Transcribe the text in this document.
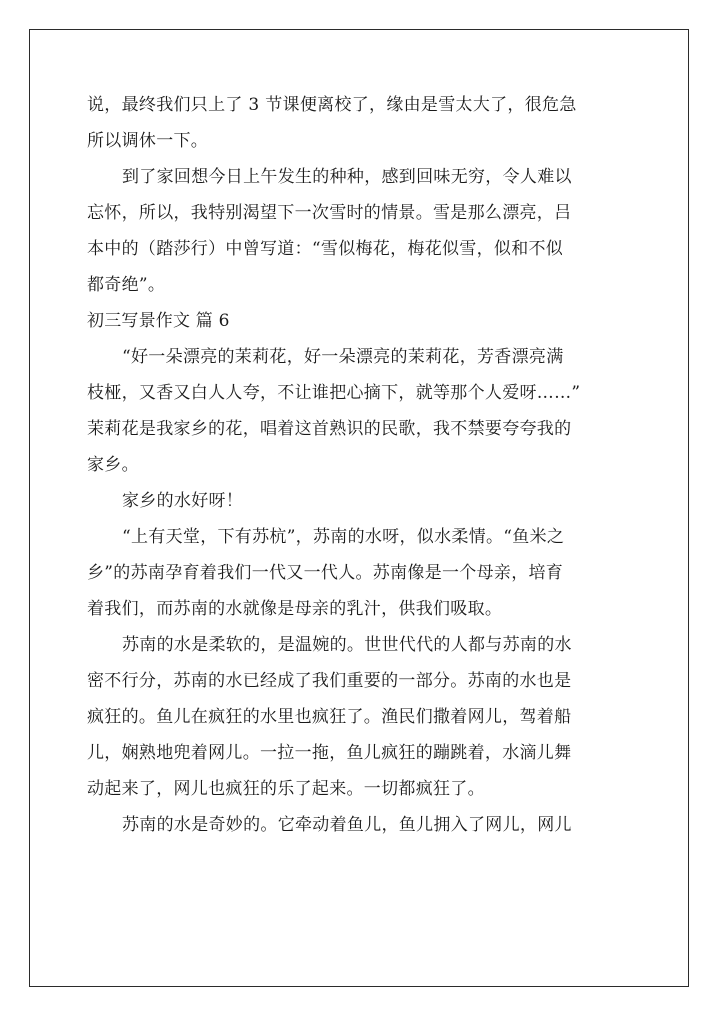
说，最终我们只上了 3 节课便离校了，缘由是雪太大了，很危急
所以调休一下。
到了家回想今日上午发生的种种，感到回味无穷，令人难以
忘怀，所以，我特别渴望下一次雪时的情景。雪是那么漂亮，吕
本中的（踏莎行）中曾写道：“雪似梅花，梅花似雪，似和不似
都奇绝”。
初三写景作文 篇 6
“好一朵漂亮的茉莉花，好一朵漂亮的茉莉花，芳香漂亮满
枝桠，又香又白人人夸，不让谁把心摘下，就等那个人爱呀……”
茉莉花是我家乡的花，唱着这首熟识的民歌，我不禁要夸夸我的
家乡。
家乡的水好呀！
“上有天堂，下有苏杭”，苏南的水呀，似水柔情。“鱼米之
乡”的苏南孕育着我们一代又一代人。苏南像是一个母亲，培育
着我们，而苏南的水就像是母亲的乳汁，供我们吸取。
苏南的水是柔软的，是温婉的。世世代代的人都与苏南的水
密不行分，苏南的水已经成了我们重要的一部分。苏南的水也是
疯狂的。鱼儿在疯狂的水里也疯狂了。渔民们撒着网儿，驾着船
儿，娴熟地兜着网儿。一拉一拖，鱼儿疯狂的蹦跳着，水滴儿舞
动起来了，网儿也疯狂的乐了起来。一切都疯狂了。
苏南的水是奇妙的。它牵动着鱼儿，鱼儿拥入了网儿，网儿
